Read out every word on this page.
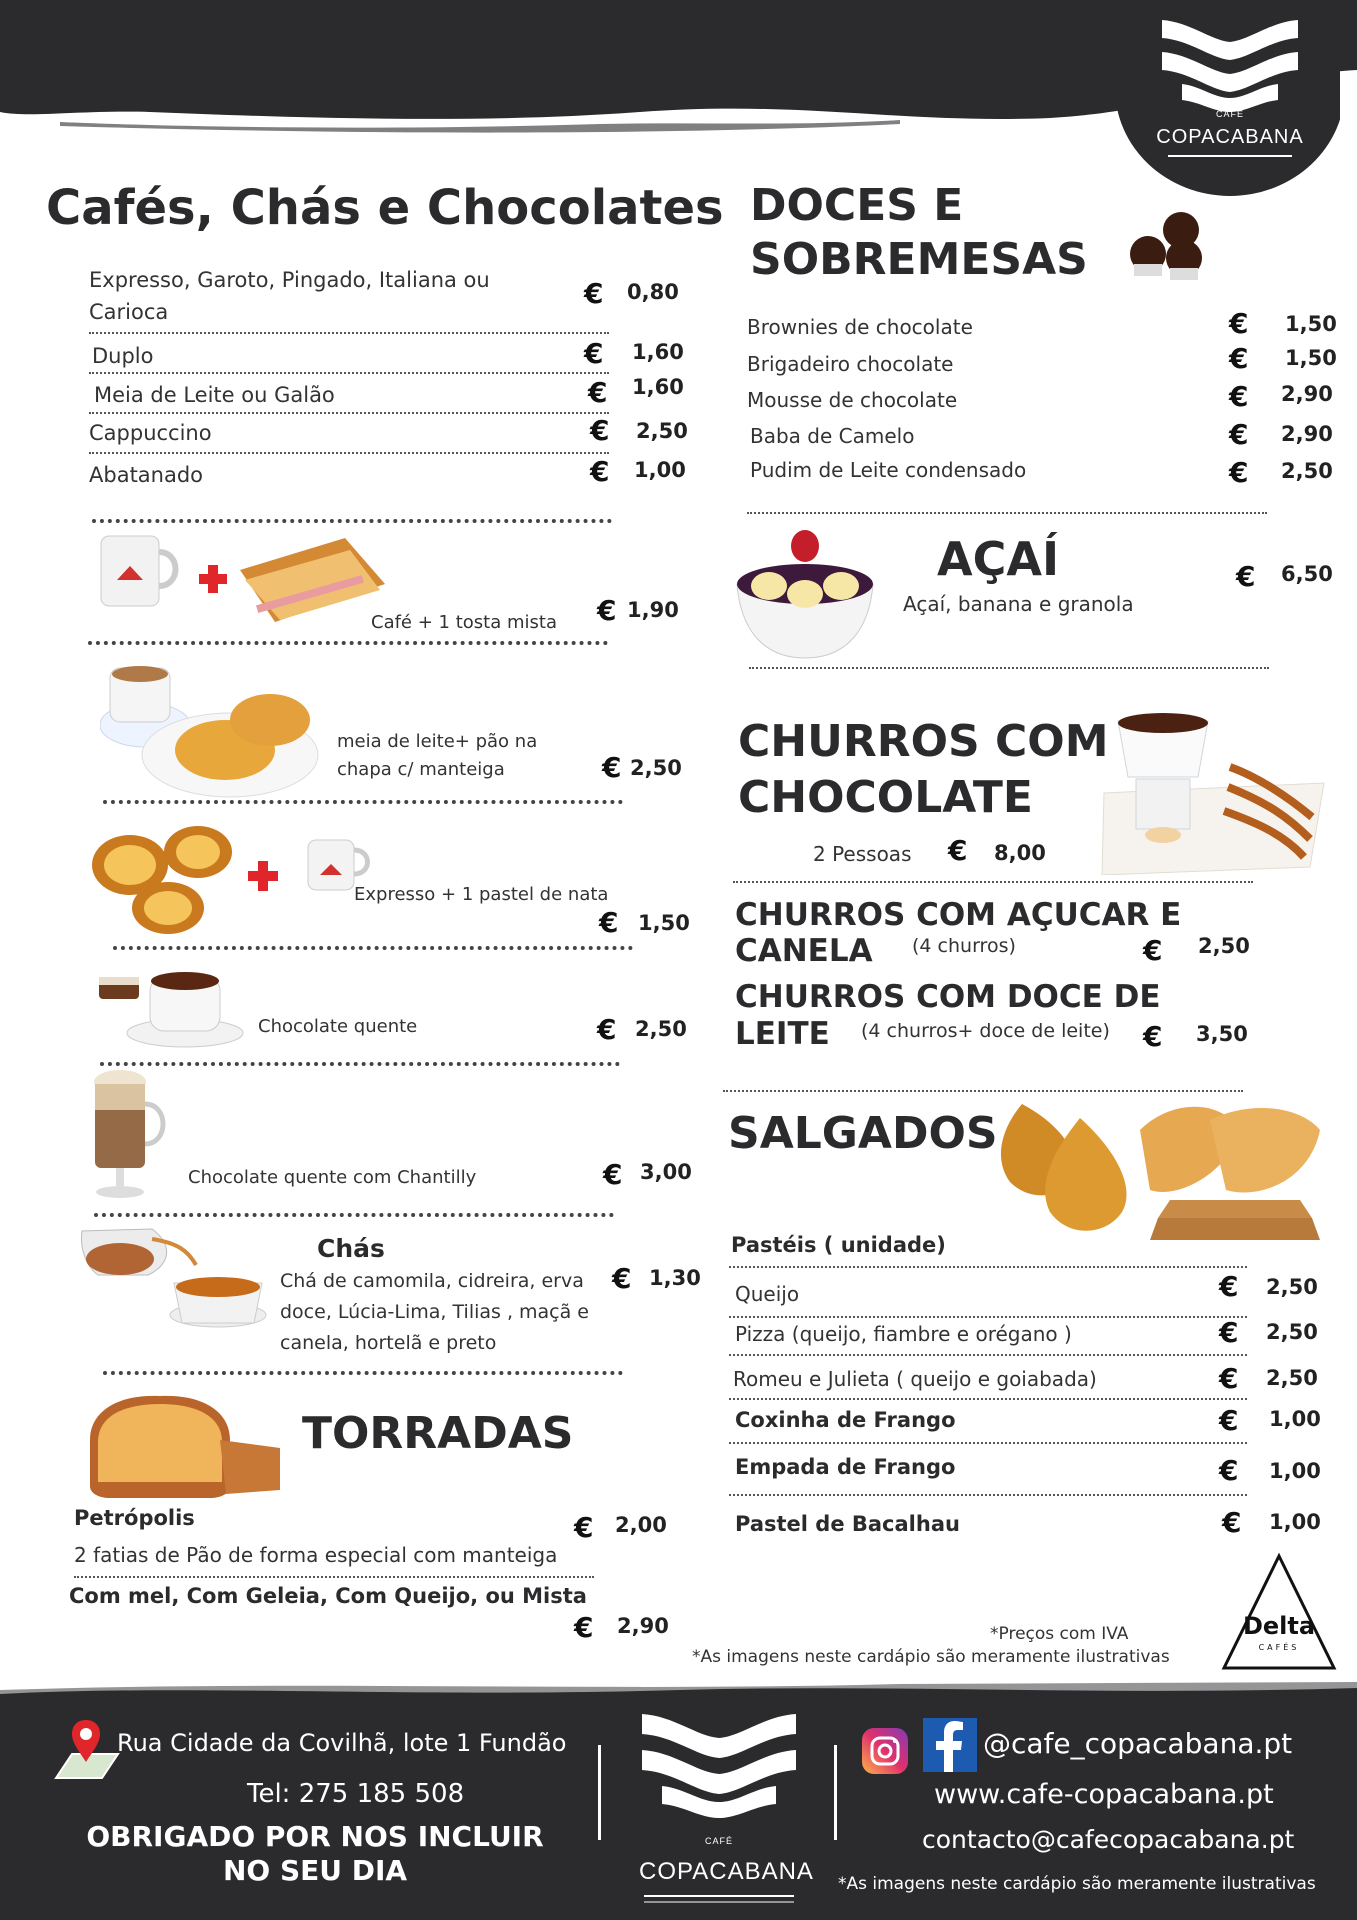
CAFÉ
COPACABANA
Cafés, Chás e Chocolates
Expresso, Garoto, Pingado, Italiana ou Carioca
€ 0,80
Duplo	€ 1,60
Meia de Leite ou Galão	€ 1,60
Cappuccino	€ 2,50
Abatanado	€ 1,00
Café + 1 tosta mista € 1,90
meia de leite+ pão na chapa c/ manteiga	€ 2,50
Expresso + 1 pastel de nata
€ 1,50
Chocolate quente	€ 2,50
Chocolate quente com Chantilly	€ 3,00
Chás
Chá de camomila, cidreira, erva doce, Lúcia-Lima, Tilias , maçã e canela, hortelã e preto
€ 1,30
TORRADAS
Petrópolis
2 fatias de Pão de forma especial com manteiga
€ 2,00
Com mel, Com Geleia, Com Queijo, ou Mista
€ 2,90
DOCES E
SOBREMESAS
Brownies de chocolate	€ 1,50
Brigadeiro chocolate	€ 1,50
Mousse de chocolate	€ 2,90
Baba de Camelo	€ 2,90
Pudim de Leite condensado	€ 2,50
AÇAÍ
Açaí, banana e granola
€ 6,50
CHURROS COM
CHOCOLATE
2 Pessoas € 8,00
CHURROS COM AÇUCAR E
CANELA (4 churros)	€ 2,50
CHURROS COM DOCE DE
LEITE (4 churros+ doce de leite) € 3,50
SALGADOS
Pastéis ( unidade)
Queijo	€ 2,50
Pizza (queijo, fiambre e orégano )	€ 2,50
Romeu e Julieta ( queijo e goiabada)	€ 2,50
Coxinha de Frango	€ 1,00
Empada de Frango	€ 1,00
Pastel de Bacalhau	€ 1,00
*Preços com IVA
*As imagens neste cardápio são meramente ilustrativas
Delta
CAFÉS
Rua Cidade da Covilhã, lote 1 Fundão
Tel: 275 185 508
OBRIGADO POR NOS INCLUIR
NO SEU DIA
CAFÉ
COPACABANA
@cafe_copacabana.pt
www.cafe-copacabana.pt
contacto@cafecopacabana.pt
*As imagens neste cardápio são meramente ilustrativas
